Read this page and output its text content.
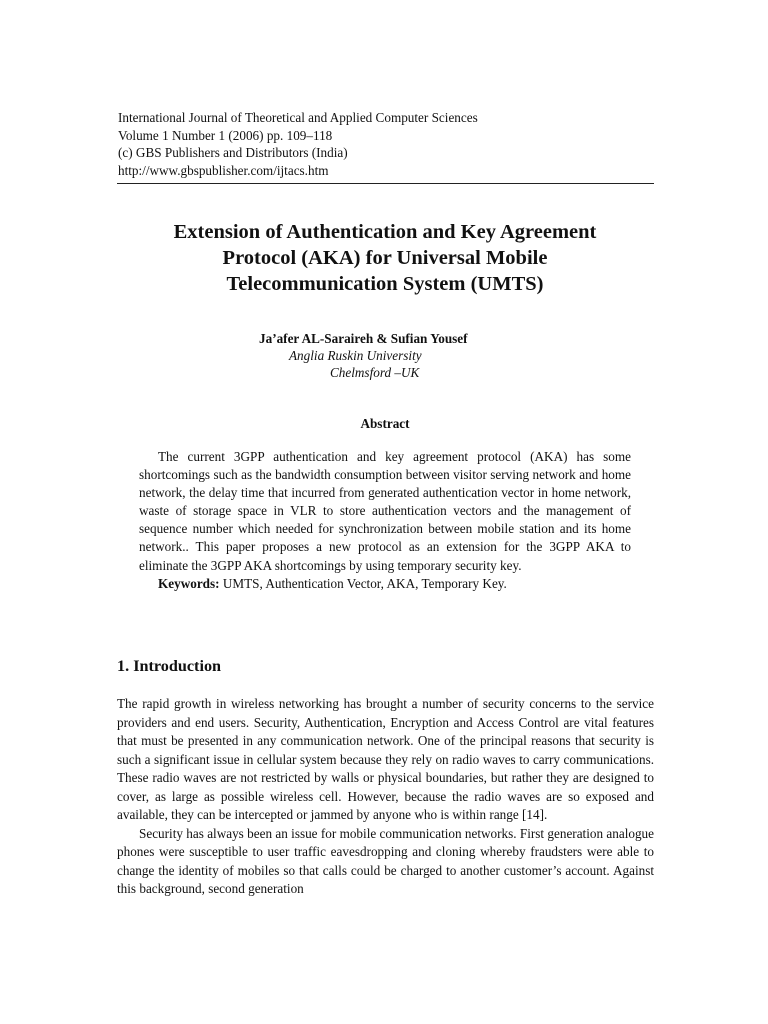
International Journal of Theoretical and Applied Computer Sciences
Volume 1 Number 1 (2006) pp. 109–118
(c) GBS Publishers and Distributors (India)
http://www.gbspublisher.com/ijtacs.htm
Extension of Authentication and Key Agreement
Protocol (AKA) for Universal Mobile
Telecommunication System (UMTS)
Ja’afer AL-Saraireh & Sufian Yousef
Anglia Ruskin University
Chelmsford –UK
Abstract

The current 3GPP authentication and key agreement protocol (AKA) has some shortcomings such as the bandwidth consumption between visitor serving network and home network, the delay time that incurred from generated authentication vector in home network, waste of storage space in VLR to store authentication vectors and the management of sequence number which needed for synchronization between mobile station and its home network.. This paper proposes a new protocol as an extension for the 3GPP AKA to eliminate the 3GPP AKA shortcomings by using temporary security key.

Keywords: UMTS, Authentication Vector, AKA, Temporary Key.

1. Introduction

The rapid growth in wireless networking has brought a number of security concerns to the service providers and end users. Security, Authentication, Encryption and Access Control are vital features that must be presented in any communication network. One of the principal reasons that security is such a significant issue in cellular system because they rely on radio waves to carry communications. These radio waves are not restricted by walls or physical boundaries, but rather they are designed to cover, as large as possible wireless cell. However, because the radio waves are so exposed and available, they can be intercepted or jammed by anyone who is within range [14].

Security has always been an issue for mobile communication networks. First generation analogue phones were susceptible to user traffic eavesdropping and cloning whereby fraudsters were able to change the identity of mobiles so that calls could be charged to another customer’s account. Against this background, second generation
